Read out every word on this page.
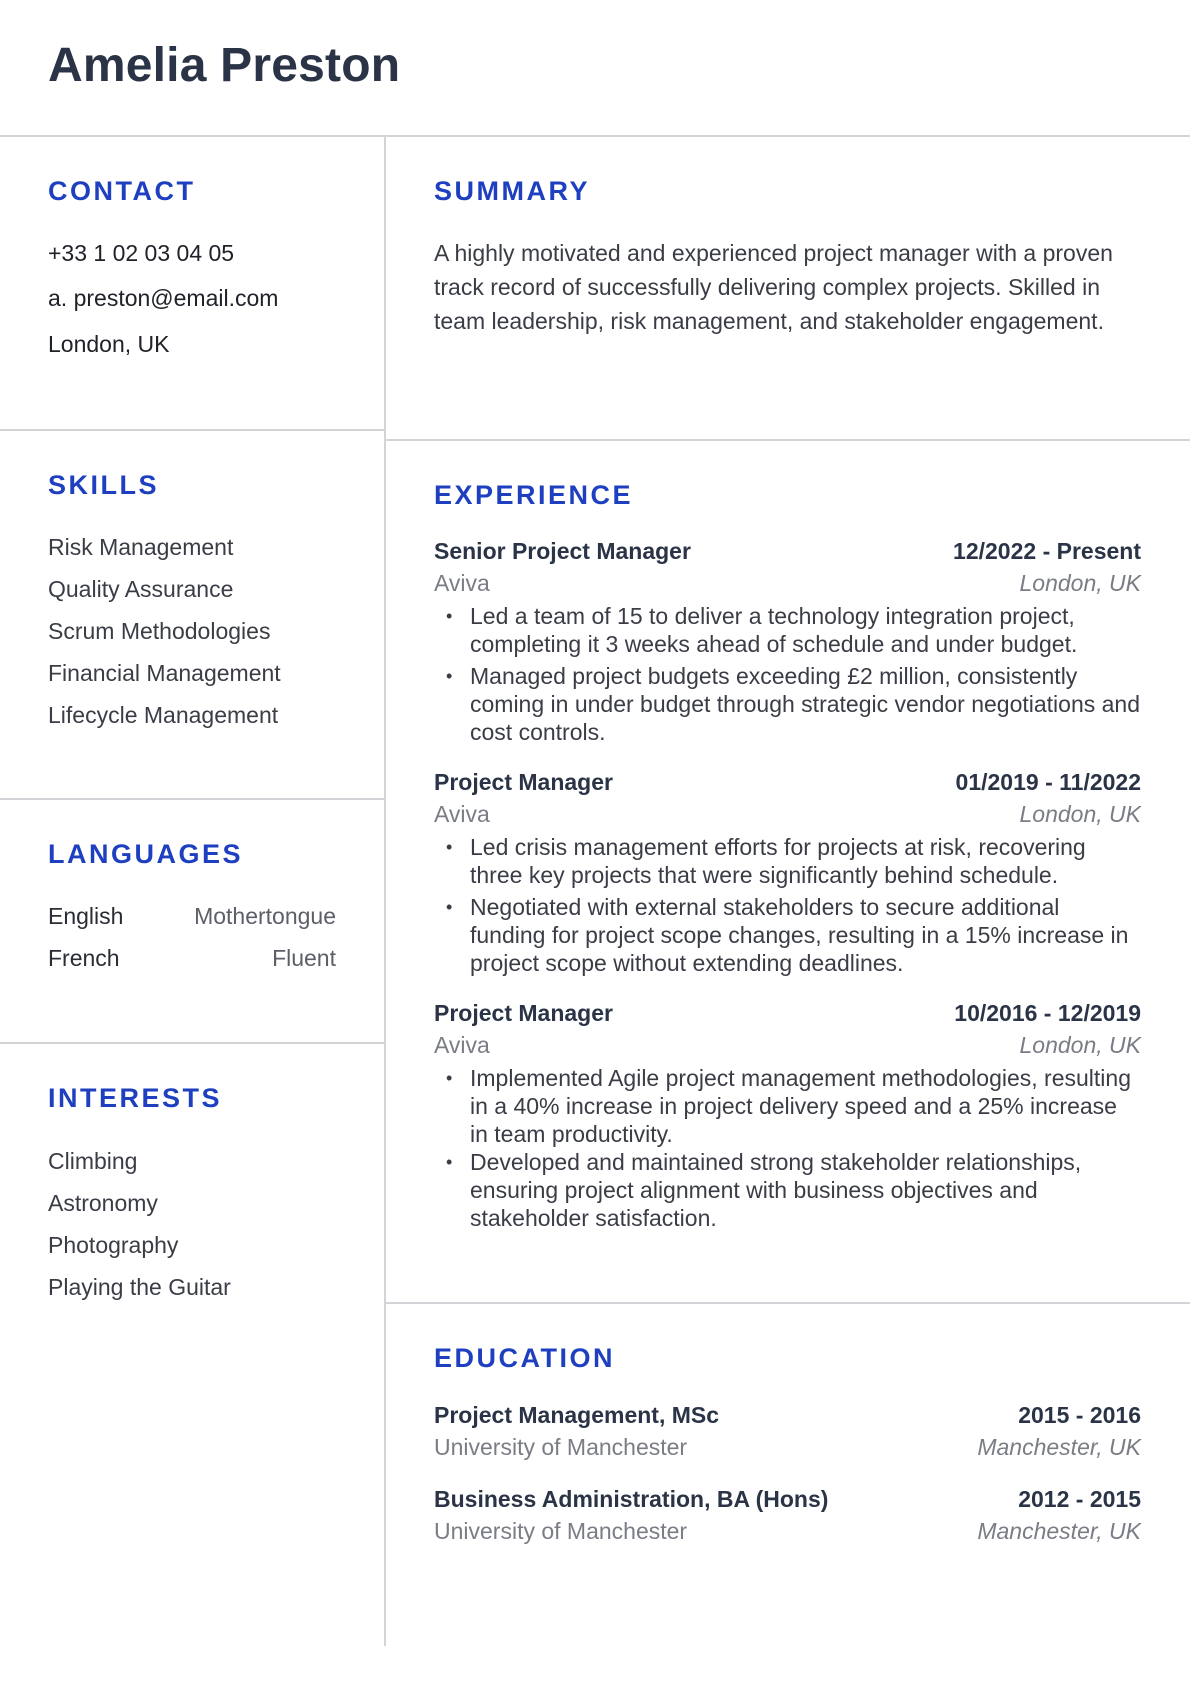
Amelia Preston
CONTACT
+33 1 02 03 04 05
a. preston@email.com
London, UK
SKILLS
Risk Management
Quality Assurance
Scrum Methodologies
Financial Management
Lifecycle Management
LANGUAGES
English	Mothertongue
French	Fluent
INTERESTS
Climbing
Astronomy
Photography
Playing the Guitar
SUMMARY
A highly motivated and experienced project manager with a proven track record of successfully delivering complex projects. Skilled in team leadership, risk management, and stakeholder engagement.
EXPERIENCE
Senior Project Manager	12/2022 - Present
Aviva	London, UK
• Led a team of 15 to deliver a technology integration project, completing it 3 weeks ahead of schedule and under budget.
• Managed project budgets exceeding £2 million, consistently coming in under budget through strategic vendor negotiations and cost controls.
Project Manager	01/2019 - 11/2022
Aviva	London, UK
• Led crisis management efforts for projects at risk, recovering three key projects that were significantly behind schedule.
• Negotiated with external stakeholders to secure additional funding for project scope changes, resulting in a 15% increase in project scope without extending deadlines.
Project Manager	10/2016 - 12/2019
Aviva	London, UK
• Implemented Agile project management methodologies, resulting in a 40% increase in project delivery speed and a 25% increase in team productivity.
• Developed and maintained strong stakeholder relationships, ensuring project alignment with business objectives and stakeholder satisfaction.
EDUCATION
Project Management, MSc	2015 - 2016
University of Manchester	Manchester, UK
Business Administration, BA (Hons)	2012 - 2015
University of Manchester	Manchester, UK
